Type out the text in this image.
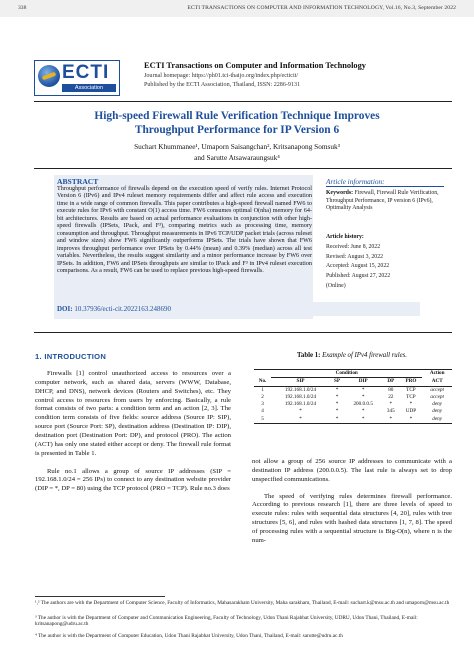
338	ECTI TRANSACTIONS ON COMPUTER AND INFORMATION TECHNOLOGY, Vol.16, No.3, September 2022
ECTI
Association
ECTI Transactions on Computer and Information Technology
Journal homepage: https://ph01.tci-thaijo.org/index.php/ecticit/
Published by the ECTI Association, Thailand, ISSN: 2286-9131
High-speed Firewall Rule Verification Technique Improves
Throughput Performance for IP Version 6
Suchart Khummanee¹, Umaporn Saisangchan², Kritsanapong Somsuk³
and Sarutte Atsawaraungsuk⁴
ABSTRACT
Throughput performance of firewalls depend on the execution speed of verify rules. Internet Protocol Version 6 (IPv6) and IPv4 ruleset memory requirements differ and affect rule access and execution time in a wide range of common firewalls. This paper contributes a high-speed firewall named FW6 to execute rules for IPv6 with constant O(1) access time. FW6 consumes optimal O(nha) memory for 64-bit architectures. Results are based on actual performance evaluations in conjunction with other high-speed firewalls (IPSets, IPack, and F³), comparing metrics such as processing time, memory consumption and throughput. Throughput measurements in IPv6 TCP/UDP packet trials (across ruleset and window sizes) show FW6 significantly outperforms IPSets. The trials have shown that FW6 improves throughput performance over IPSets by 0.44% (mean) and 0.39% (median) across all test variables. Nevertheless, the results suggest similarity and a minor performance increase by FW6 over IPSets. In addition, FW6 and IPSets throughputs are similar to IPack and F³ in IPv4 ruleset execution comparisons. As a result, FW6 can be used to replace previous high-speed firewalls.
Article information:
Keywords: Firewall, Firewall Rule Verification, Throughput Performance, IP version 6 (IPv6), Optimality Analysis
Article history:
Received: June 8, 2022
Revised: August 3, 2022
Accepted: August 15, 2022
Published: August 27, 2022
(Online)
DOI: 10.37936/ecti-cit.2022163.248690
1. INTRODUCTION

Firewalls [1] control unauthorized access to resources over a computer network, such as shared data, servers (WWW, Database, DHCP, and DNS), network devices (Routers and Switches), etc. They control access to resources from users by enforcing. Basically, a rule format consists of two parts: a condition term and an action [2, 3]. The condition term consists of five fields: source address (Source IP: SIP), source port (Source Port: SP), destination address (Destination IP: DIP), destination port (Destination Port: DP), and protocol (PRO). The action (ACT) has only one stated either accept or deny. The firewall rule format is presented in Table 1.

Rule no.1 allows a group of source IP addresses (SIP = 192.168.1.0/24 = 256 IPs) to connect to any destination website provider (DIP = *, DP = 80) using the TCP protocol (PRO = TCP). Rule no.3 does

Table 1: Example of IPv4 firewall rules.
	Condition					Action
No.	SIP	SP	DIP	DP	PRO	ACT
1	192.168.1.0/24	*	*	80	TCP	accept
2	192.168.1.0/24	*	*	22	TCP	accept
3	192.168.1.0/24	*	200.0.0.5	*	*	deny
4	*	*	*	345	UDP	deny
5	*	*	*	*	*	deny

not allow a group of 256 source IP addresses to communicate with a destination IP address (200.0.0.5). The last rule is always set to drop unspecified communications.

The speed of verifying rules determines firewall performance. According to previous research [1], there are three levels of speed to execute rules: rules with sequential data structures [4, 20], rules with tree structures [5, 6], and rules with hashed data structures [1, 7, 8]. The speed of processing rules with a sequential structure is Big-O(n), where n is the num-

¹,² The authors are with the Department of Computer Science, Faculty of Informatics, Mahasarakham University, Maha sarakham, Thailand, E-mail: suchart.k@msu.ac.th and umaporn@msu.ac.th
³ The author is with the Department of Computer and Communication Engineering, Faculty of Technology, Udon Thani Rajabhat University, UDRU, Udon Thani, Thailand, E-mail: kritsanapong@udru.ac.th
⁴ The author is with the Department of Computer Education, Udon Thani Rajabhat University, Udon Thani, Thailand, E-mail: sarutte@udru.ac.th
